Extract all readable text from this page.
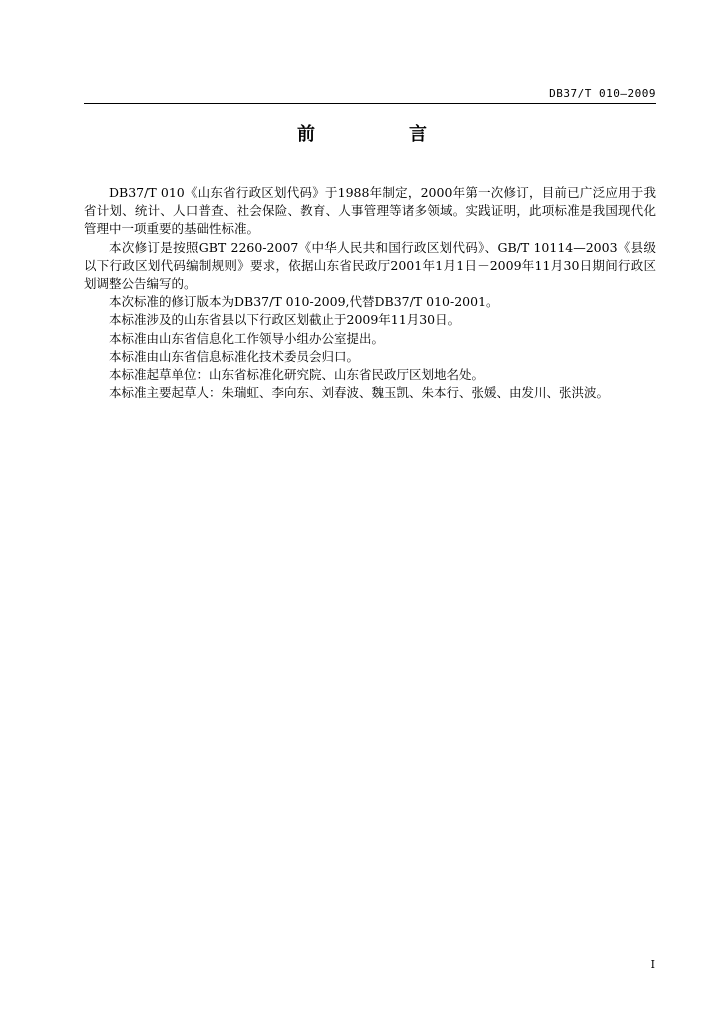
DB37/T 010—2009
前　言

DB37/T 010《山东省行政区划代码》于1988年制定，2000年第一次修订，目前已广泛应用于我省计划、统计、人口普查、社会保险、教育、人事管理等诸多领域。实践证明，此项标准是我国现代化管理中一项重要的基础性标准。

本次修订是按照GBT 2260-2007《中华人民共和国行政区划代码》、GB/T 10114—2003《县级以下行政区划代码编制规则》要求，依据山东省民政厅2001年1月1日－2009年11月30日期间行政区划调整公告编写的。

本次标准的修订版本为DB37/T 010-2009,代替DB37/T 010-2001。

本标准涉及的山东省县以下行政区划截止于2009年11月30日。

本标准由山东省信息化工作领导小组办公室提出。

本标准由山东省信息标准化技术委员会归口。

本标准起草单位：山东省标准化研究院、山东省民政厅区划地名处。

本标准主要起草人：朱瑞虹、李向东、刘春波、魏玉凯、朱本行、张媛、由发川、张洪波。

I
